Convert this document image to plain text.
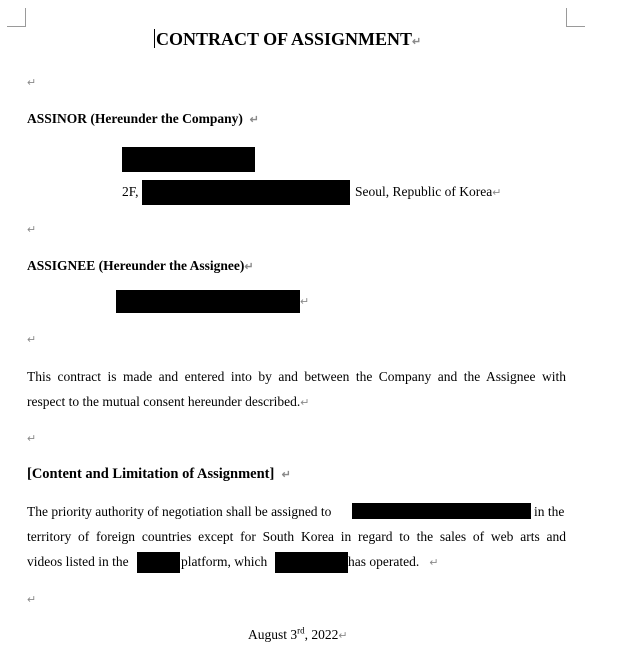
CONTRACT OF ASSIGNMENT↵
↵
ASSINOR (Hereunder the Company) ↵
2F,	Seoul, Republic of Korea↵
↵
ASSIGNEE (Hereunder the Assignee)↵
↵
↵
This contract is made and entered into by and between the Company and the Assignee with
respect to the mutual consent hereunder described.↵
↵
[Content and Limitation of Assignment] ↵
The priority authority of negotiation shall be assigned to	in the
territory of foreign countries except for South Korea in regard to the sales of web arts and
videos listed in the	platform, which	has operated. ↵
↵
August 3rd, 2022↵
